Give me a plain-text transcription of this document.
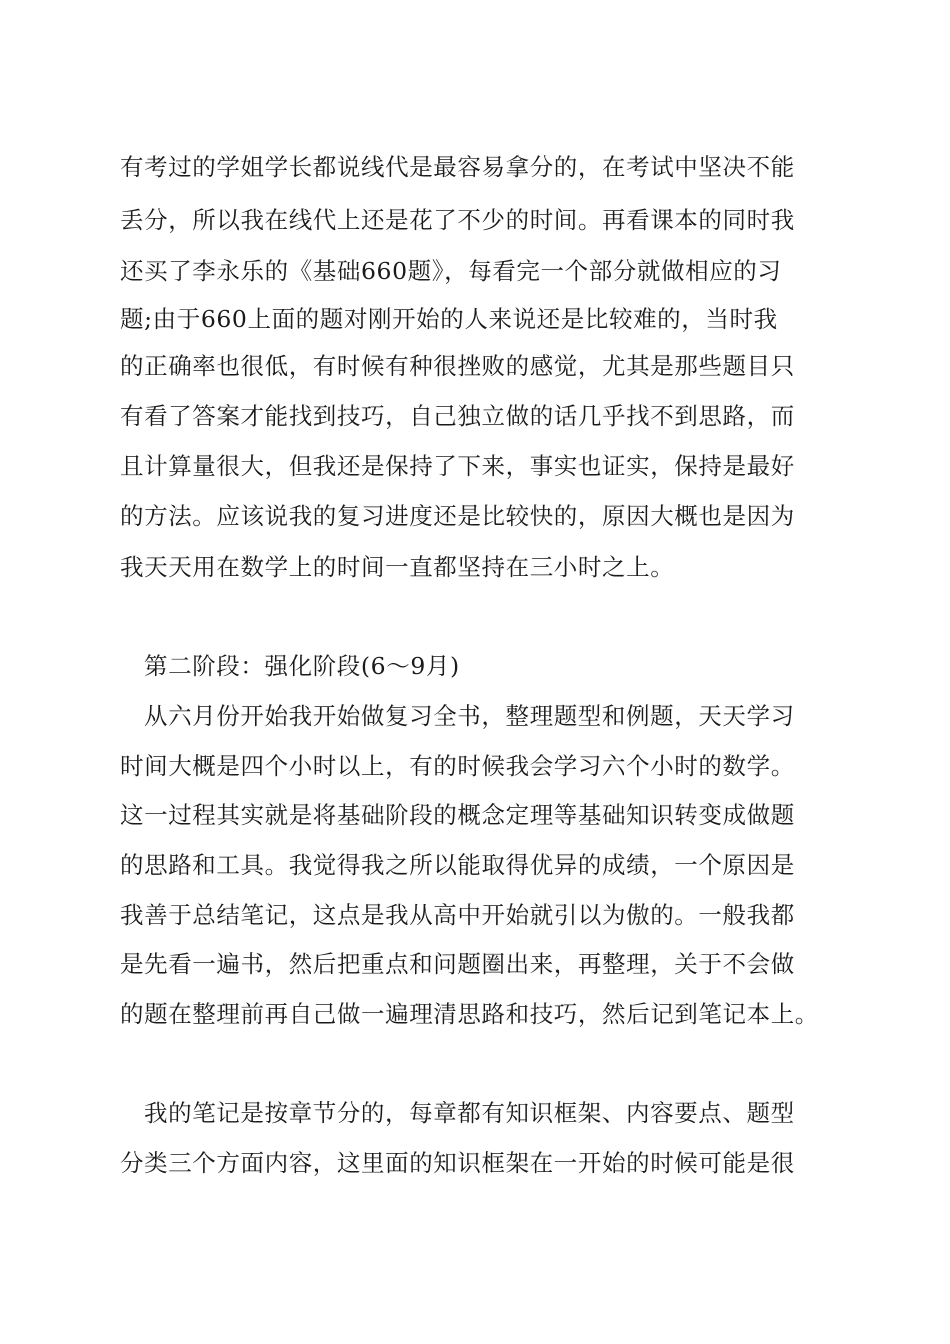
有考过的学姐学长都说线代是最容易拿分的，在考试中坚决不能
丢分，所以我在线代上还是花了不少的时间。再看课本的同时我
还买了李永乐的《基础660题》，每看完一个部分就做相应的习
题;由于660上面的题对刚开始的人来说还是比较难的，当时我
的正确率也很低，有时候有种很挫败的感觉，尤其是那些题目只
有看了答案才能找到技巧，自己独立做的话几乎找不到思路，而
且计算量很大，但我还是保持了下来，事实也证实，保持是最好
的方法。应该说我的复习进度还是比较快的，原因大概也是因为
我天天用在数学上的时间一直都坚持在三小时之上。
第二阶段：强化阶段(6～9月)
从六月份开始我开始做复习全书，整理题型和例题，天天学习
时间大概是四个小时以上，有的时候我会学习六个小时的数学。
这一过程其实就是将基础阶段的概念定理等基础知识转变成做题
的思路和工具。我觉得我之所以能取得优异的成绩，一个原因是
我善于总结笔记，这点是我从高中开始就引以为傲的。一般我都
是先看一遍书，然后把重点和问题圈出来，再整理，关于不会做
的题在整理前再自己做一遍理清思路和技巧，然后记到笔记本上。
我的笔记是按章节分的，每章都有知识框架、内容要点、题型
分类三个方面内容，这里面的知识框架在一开始的时候可能是很
